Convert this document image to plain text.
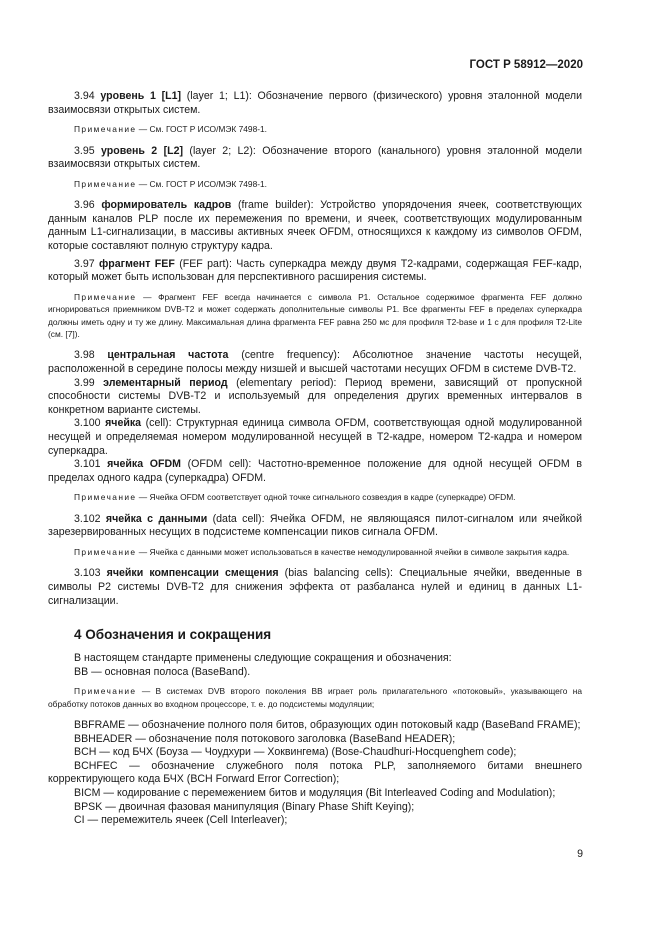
ГОСТ Р 58912—2020

3.94 уровень 1 [L1] (layer 1; L1): Обозначение первого (физического) уровня эталонной модели взаимосвязи открытых систем.

Примечание — См. ГОСТ Р ИСО/МЭК 7498-1.

3.95 уровень 2 [L2] (layer 2; L2): Обозначение второго (канального) уровня эталонной модели взаимосвязи открытых систем.

Примечание — См. ГОСТ Р ИСО/МЭК 7498-1.

3.96 формирователь кадров (frame builder): Устройство упорядочения ячеек, соответствующих данным каналов PLP после их перемежения по времени, и ячеек, соответствующих модулированным данным L1-сигнализации, в массивы активных ячеек OFDM, относящихся к каждому из символов OFDM, которые составляют полную структуру кадра.

3.97 фрагмент FEF (FEF part): Часть суперкадра между двумя T2-кадрами, содержащая FEF-кадр, который может быть использован для перспективного расширения системы.

Примечание — Фрагмент FEF всегда начинается с символа P1. Остальное содержимое фрагмента FEF должно игнорироваться приемником DVB-T2 и может содержать дополнительные символы P1. Все фрагменты FEF в пределах суперкадра должны иметь одну и ту же длину. Максимальная длина фрагмента FEF равна 250 мс для профиля T2-base и 1 с для профиля T2-Lite (см. [7]).

3.98 центральная частота (centre frequency): Абсолютное значение частоты несущей, расположенной в середине полосы между низшей и высшей частотами несущих OFDM в системе DVB-T2.

3.99 элементарный период (elementary period): Период времени, зависящий от пропускной способности системы DVB-T2 и используемый для определения других временных интервалов в конкретном варианте системы.

3.100 ячейка (cell): Структурная единица символа OFDM, соответствующая одной модулированной несущей и определяемая номером модулированной несущей в T2-кадре, номером T2-кадра и номером суперкадра.

3.101 ячейка OFDM (OFDM cell): Частотно-временное положение для одной несущей OFDM в пределах одного кадра (суперкадра) OFDM.

Примечание — Ячейка OFDM соответствует одной точке сигнального созвездия в кадре (суперкадре) OFDM.

3.102 ячейка с данными (data cell): Ячейка OFDM, не являющаяся пилот-сигналом или ячейкой зарезервированных несущих в подсистеме компенсации пиков сигнала OFDM.

Примечание — Ячейка с данными может использоваться в качестве немодулированной ячейки в символе закрытия кадра.

3.103 ячейки компенсации смещения (bias balancing cells): Специальные ячейки, введенные в символы P2 системы DVB-T2 для снижения эффекта от разбаланса нулей и единиц в данных L1-сигнализации.

4 Обозначения и сокращения

В настоящем стандарте применены следующие сокращения и обозначения:

BB — основная полоса (BaseBand).

Примечание — В системах DVB второго поколения BB играет роль прилагательного «потоковый», указывающего на обработку потоков данных во входном процессоре, т. е. до подсистемы модуляции;

BBFRAME — обозначение полного поля битов, образующих один потоковый кадр (BaseBand FRAME);

BBHEADER — обозначение поля потокового заголовка (BaseBand HEADER);

BCH — код БЧХ (Боуза — Чоудхури — Хоквингема) (Bose-Chaudhuri-Hocquenghem code);

BCHFEC — обозначение служебного поля потока PLP, заполняемого битами внешнего корректирующего кода БЧХ (BCH Forward Error Correction);

BICM — кодирование с перемежением битов и модуляция (Bit Interleaved Coding and Modulation);

BPSK — двоичная фазовая манипуляция (Binary Phase Shift Keying);

CI — перемежитель ячеек (Cell Interleaver);

9
